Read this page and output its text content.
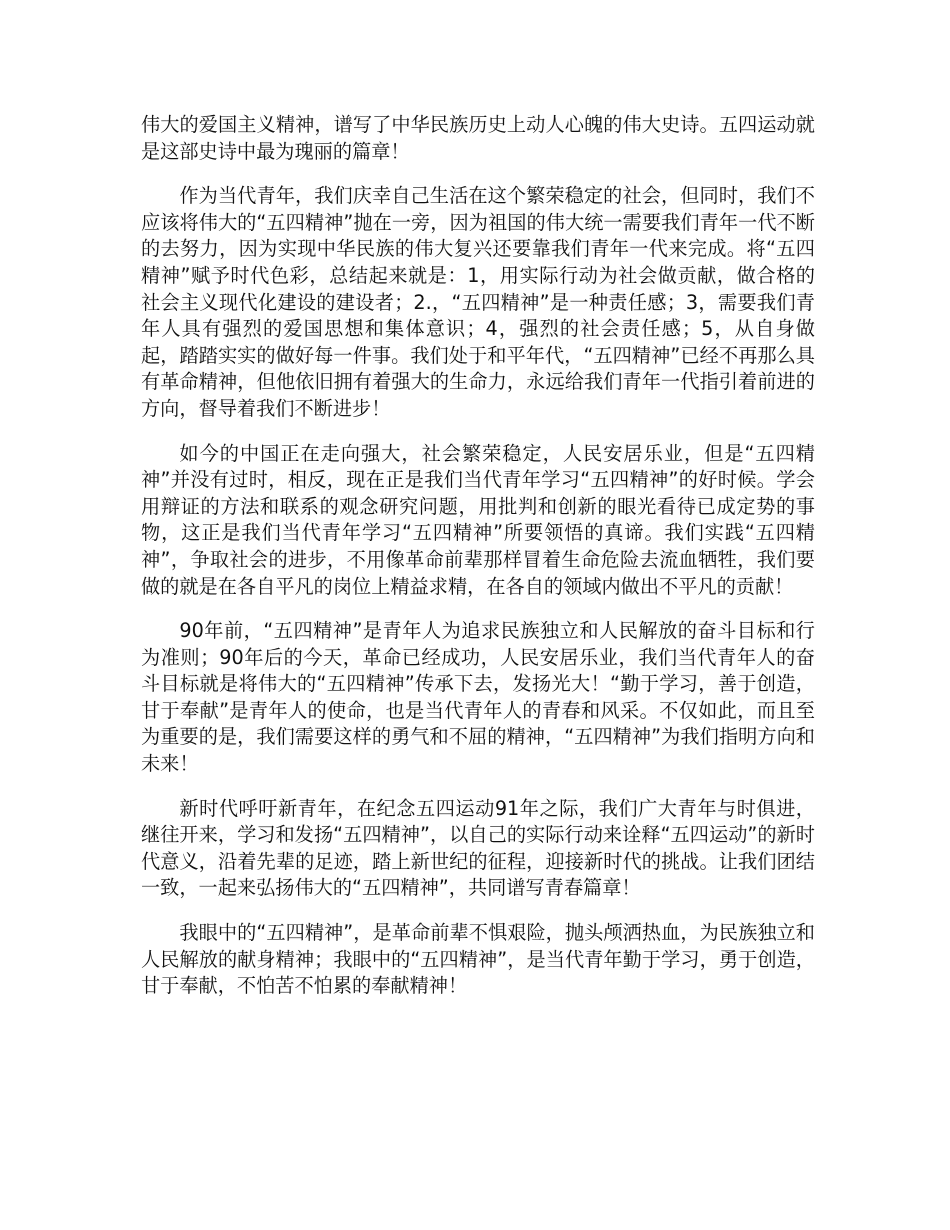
伟大的爱国主义精神，谱写了中华民族历史上动人心魄的伟大史诗。五四运动就是这部史诗中最为瑰丽的篇章！

作为当代青年，我们庆幸自己生活在这个繁荣稳定的社会，但同时，我们不应该将伟大的“五四精神”抛在一旁，因为祖国的伟大统一需要我们青年一代不断的去努力，因为实现中华民族的伟大复兴还要靠我们青年一代来完成。将“五四精神”赋予时代色彩，总结起来就是：1，用实际行动为社会做贡献，做合格的社会主义现代化建设的建设者；2.，“五四精神”是一种责任感；3，需要我们青年人具有强烈的爱国思想和集体意识；4，强烈的社会责任感；5，从自身做起，踏踏实实的做好每一件事。我们处于和平年代，“五四精神”已经不再那么具有革命精神，但他依旧拥有着强大的生命力，永远给我们青年一代指引着前进的方向，督导着我们不断进步！

如今的中国正在走向强大，社会繁荣稳定，人民安居乐业，但是“五四精神”并没有过时，相反，现在正是我们当代青年学习“五四精神”的好时候。学会用辩证的方法和联系的观念研究问题，用批判和创新的眼光看待已成定势的事物，这正是我们当代青年学习“五四精神”所要领悟的真谛。我们实践“五四精神”，争取社会的进步，不用像革命前辈那样冒着生命危险去流血牺牲，我们要做的就是在各自平凡的岗位上精益求精，在各自的领域内做出不平凡的贡献！

90年前，“五四精神”是青年人为追求民族独立和人民解放的奋斗目标和行为准则；90年后的今天，革命已经成功，人民安居乐业，我们当代青年人的奋斗目标就是将伟大的“五四精神”传承下去，发扬光大！“勤于学习，善于创造，甘于奉献”是青年人的使命，也是当代青年人的青春和风采。不仅如此，而且至为重要的是，我们需要这样的勇气和不屈的精神，“五四精神”为我们指明方向和未来！

新时代呼吁新青年，在纪念五四运动91年之际，我们广大青年与时俱进，继往开来，学习和发扬“五四精神”，以自己的实际行动来诠释“五四运动”的新时代意义，沿着先辈的足迹，踏上新世纪的征程，迎接新时代的挑战。让我们团结一致，一起来弘扬伟大的“五四精神”，共同谱写青春篇章！

我眼中的“五四精神”，是革命前辈不惧艰险，抛头颅洒热血，为民族独立和人民解放的献身精神；我眼中的“五四精神”，是当代青年勤于学习，勇于创造，甘于奉献，不怕苦不怕累的奉献精神！
